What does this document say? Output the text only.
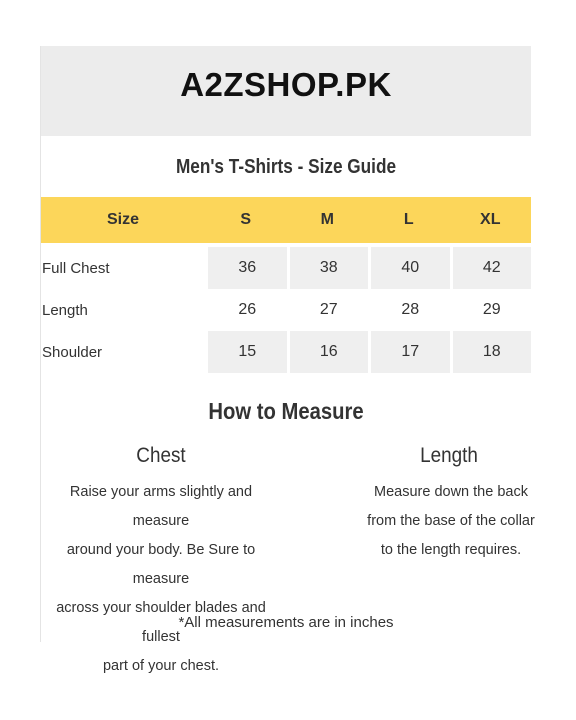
A2ZSHOP.PK
Men's T-Shirts - Size Guide
Size	S	M	L	XL

Full Chest	36	38	40	42
Length	26	27	28	29
Shoulder	15	16	17	18
How to Measure
Chest	Length
Raise your arms slightly and measure
around your body. Be Sure to measure
across your shoulder blades and fullest
part of your chest.
Measure down the back
from the base of the collar
to the length requires.
*All measurements are in inches
